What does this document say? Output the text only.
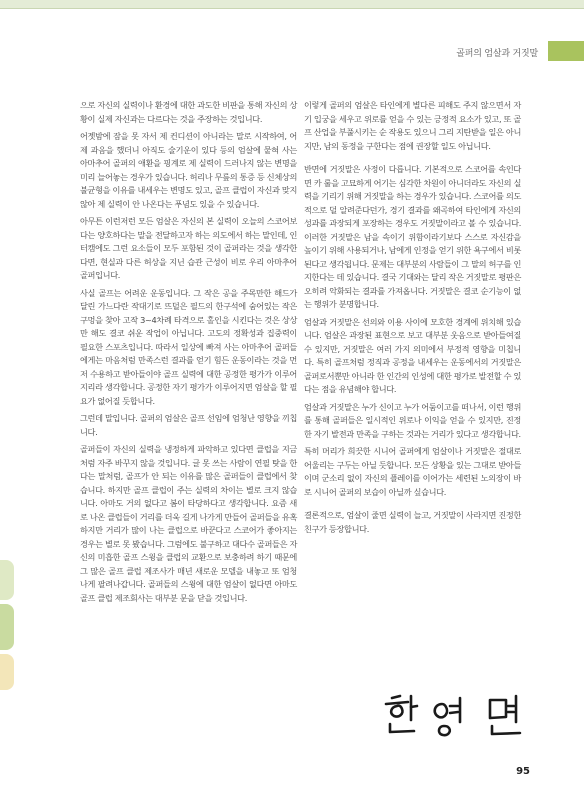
골퍼의 엄살과 거짓말

으로 자신의 실력이나 환경에 대한 과도한 비판을 통해 자신의 상황이 실제 자신과는 다르다는 것을 주장하는 것입니다.

어젯밤에 잠을 못 자서 제 컨디션이 아니라는 말로 시작하여, 어제 과음을 했더니 아직도 술기운이 있다 등의 엄살에 뭍혀 사는 아마추어 골퍼의 애환을 핑계로 제 실력이 드러나지 않는 변명을 미리 늘어놓는 경우가 있습니다. 허리나 무릎의 통증 등 신체상의 불균형을 이유를 내세우는 변명도 있고, 골프 클럽이 자신과 맞지 않아 제 실력이 안 나온다는 푸념도 있을 수 있습니다.

아무튼 이런저런 모든 엄살은 자신의 본 실력이 오늘의 스코어보다는 양호하다는 말을 전달하고자 하는 의도에서 하는 말인데, 인터캠에도 그런 요소들이 모두 포함된 것이 골퍼라는 것을 생각한다면, 현실과 다른 허상을 지닌 습관 근성이 비로 우리 아마추어 골퍼입니다.

사실 골프는 어려운 운동입니다. 그 작은 공을 주목만한 해드가 달린 가느다란 작대기로 뜨덜은 필드의 한구석에 숨어있는 작은 구멍을 찾아 고작 3~4차례 타격으로 홀인을 시킨다는 것은 상상만 해도 결코 쉬운 작업이 아닙니다. 고도의 정확성과 집중력이 필요한 스포츠입니다. 따라서 일상에 빠져 사는 아마추어 골퍼들에게는 마음처럼 만족스런 결과를 얻기 힘든 운동이라는 것을 먼저 수용하고 받아들이야 골프 실력에 대한 공정한 평가가 이루어지리라 생각합니다. 공정한 자기 평가가 이루어지면 엄살을 할 필요가 없어질 듯합니다.

그런데 말입니다. 골퍼의 엄살은 골프 선임에 엄청난 영향을 끼칩니다.

골퍼들이 자신의 실력을 냉정하게 파악하고 있다면 클럽을 지금처럼 자주 바꾸지 않을 것입니다. 글 못 쓰는 사람이 연필 탓을 한다는 말처럼, 골프가 안 되는 이유를 많은 골퍼들이 클럽에서 찾습니다. 하지만 골프 클럽이 주는 실력의 차이는 별로 크지 않습니다. 아마도 거의 없다고 봄이 타당하다고 생각합니다. 요즘 새로 나온 클럽들이 거리를 더욱 길게 나가게 만들어 골퍼들을 유혹하지만 거리가 많이 나는 클럽으로 바꾼다고 스코어가 좋아지는 경우는 별로 못 봤습니다. 그럼에도 불구하고 대다수 골퍼들은 자신의 미흡한 골프 스윙을 클럽의 교환으로 보충하려 하기 때문에 그 많은 골프 클럽 제조사가 매년 새로운 모델을 내놓고 또 엄청나게 팔려나갑니다. 골퍼들의 스윙에 대한 엄살이 없다면 아마도 골프 클럽 제조회사는 대부분 문을 닫을 것입니다.

이렇게 골퍼의 엄살은 타인에게 별다른 피해도 주지 않으면서 자기 입궁을 세우고 위로를 얻을 수 있는 긍정적 요소가 있고, 또 골프 산업을 부풀시키는 순 작용도 있으니 그리 지탄받을 일은 아니지만, 남의 동정을 구한다는 점에 권장할 일도 아닙니다.

반면에 거짓말은 사정이 다릅니다. 기본적으로 스코어를 속인다면 카 룰을 고묘하게 어기는 심각한 차원이 아니더라도 자신의 실력을 기리기 위해 거짓말을 하는 경우가 있습니다. 스코어를 의도적으로 덜 알려준다던가, 경기 결과를 왜곡하여 타인에게 자신의 성과를 과장되게 포장하는 경우도 거짓말이라고 볼 수 있습니다. 이러한 거짓말은 남을 속이기 위함이라기보다 스스로 자신감을 높이기 위해 사용되거나, 남에게 인정을 얻기 위한 욕구에서 비롯된다고 생각됩니다. 문제는 대부분의 사람들이 그 말의 허구를 인지한다는 데 있습니다. 결국 기대와는 달리 작은 거짓말로 평판은 오히려 악화되는 결과를 가져옵니다. 거짓말은 결코 순기능이 없는 행위가 분명합니다.

엄살과 거짓말은 선의와 이용 사이에 모호한 경계에 위치해 있습니다. 엄살은 과장된 표현으로 보고 대부분 웃음으로 받아들여질 수 있지만, 거짓말은 여러 가지 의미에서 부정적 영향을 미칩니다. 특히 골프처럼 정직과 공정을 내세우는 운동에서의 거짓말은 골퍼로서뿐만 아니라 한 인간의 인성에 대한 평가로 발전할 수 있다는 점을 유념해야 합니다.

엄살과 거짓말은 누가 신이고 누가 어둠이고를 떠나서, 이런 행위를 통해 골퍼들은 일시적인 위로나 이익을 얻을 수 있지만, 진정한 자기 발전과 만족을 구하는 것과는 거리가 있다고 생각합니다.

특히 머리가 희끗한 시니어 골퍼에게 엄살이나 거짓말은 절대로 어울리는 구두는 아닐 듯합니다. 모든 상황을 있는 그대로 받아들이며 군소리 없이 자신의 플레이를 이어가는 세련된 노의장이 바로 시니어 골퍼의 보습이 아닐까 싶습니다.

결론적으로, 엄살이 줄면 실력이 늘고, 거짓말이 사라지면 진정한 친구가 등장합니다.

95
